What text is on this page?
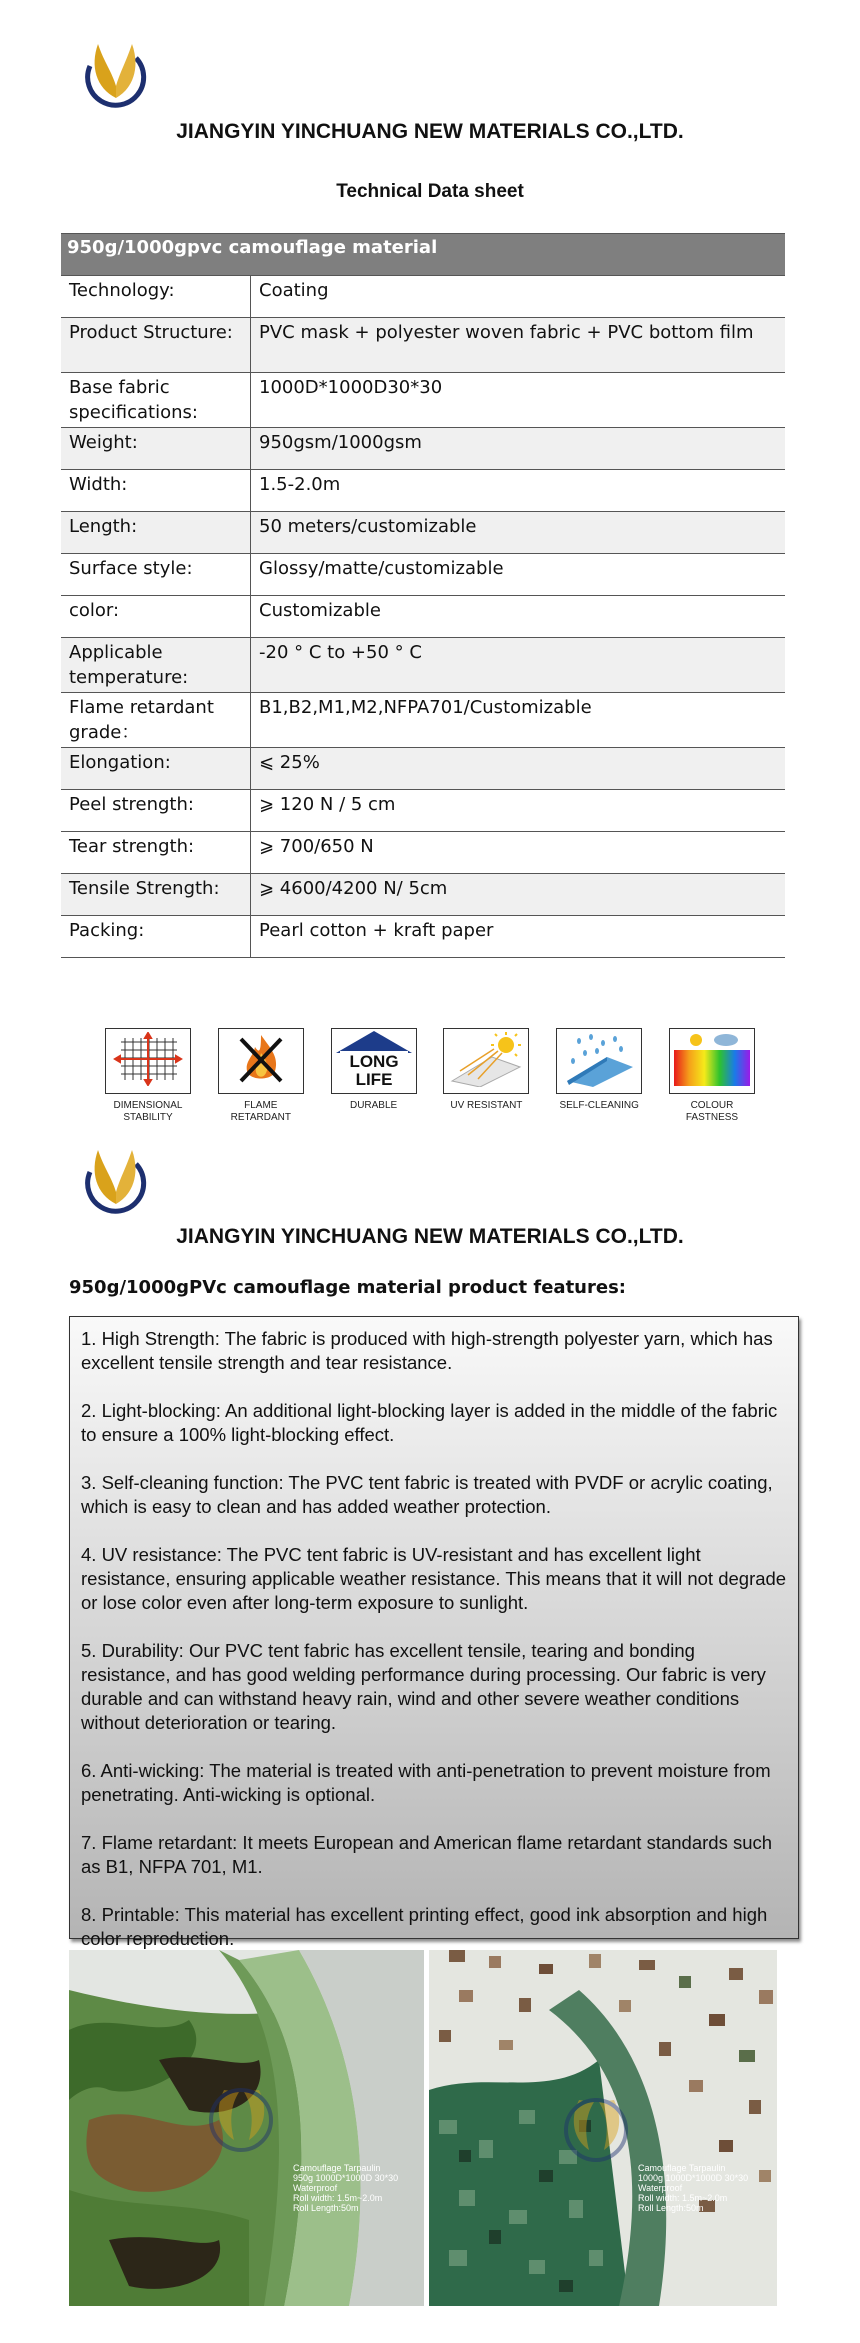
JIANGYIN YINCHUANG NEW MATERIALS CO.,LTD.
Technical Data sheet
950g/1000gpvc camouflage material
Technology:	Coating
Product Structure:	PVC mask + polyester woven fabric + PVC bottom film
Base fabric specifications:
1000D*1000D30*30
Weight:	950gsm/1000gsm
Width:	1.5-2.0m
Length:	50 meters/customizable
Surface style:	Glossy/matte/customizable
color:	Customizable
Applicable temperature:
-20 ° C to +50 ° C
Flame retardant grade：
B1,B2,M1,M2,NFPA701/Customizable
Elongation:	⩽ 25%
Peel strength:	⩾ 120 N / 5 cm
Tear strength:	⩾ 700/650 N
Tensile Strength:	⩾ 4600/4200 N/ 5cm
Packing:	Pearl cotton + kraft paper
DIMENSIONAL
STABILITY
FLAME
RETARDANT
LONG
LIFE
DURABLE	UV RESISTANT	SELF-CLEANING	COLOUR
FASTNESS
JIANGYIN YINCHUANG NEW MATERIALS CO.,LTD.
950g/1000gPVc camouflage material product features:

1. High Strength: The fabric is produced with high-strength polyester yarn, which has excellent tensile strength and tear resistance.

2. Light-blocking: An additional light-blocking layer is added in the middle of the fabric to ensure a 100% light-blocking effect.

3. Self-cleaning function: The PVC tent fabric is treated with PVDF or acrylic coating, which is easy to clean and has added weather protection.

4. UV resistance: The PVC tent fabric is UV-resistant and has excellent light resistance, ensuring applicable weather resistance. This means that it will not degrade or lose color even after long-term exposure to sunlight.

5. Durability: Our PVC tent fabric has excellent tensile, tearing and bonding resistance, and has good welding performance during processing. Our fabric is very durable and can withstand heavy rain, wind and other severe weather conditions without deterioration or tearing.

6. Anti-wicking: The material is treated with anti-penetration to prevent moisture from penetrating. Anti-wicking is optional.

7. Flame retardant: It meets European and American flame retardant standards such as B1, NFPA 701, M1.

8. Printable: This material has excellent printing effect, good ink absorption and high color reproduction.

Camouflage Tarpaulin
950g 1000D*1000D 30*30
Waterproof
Roll width: 1.5m~2.0m
Roll Length:50m
Camouflage Tarpaulin
1000g 1000D*1000D 30*30
Waterproof
Roll width: 1.5m~2.0m
Roll Length:50m
